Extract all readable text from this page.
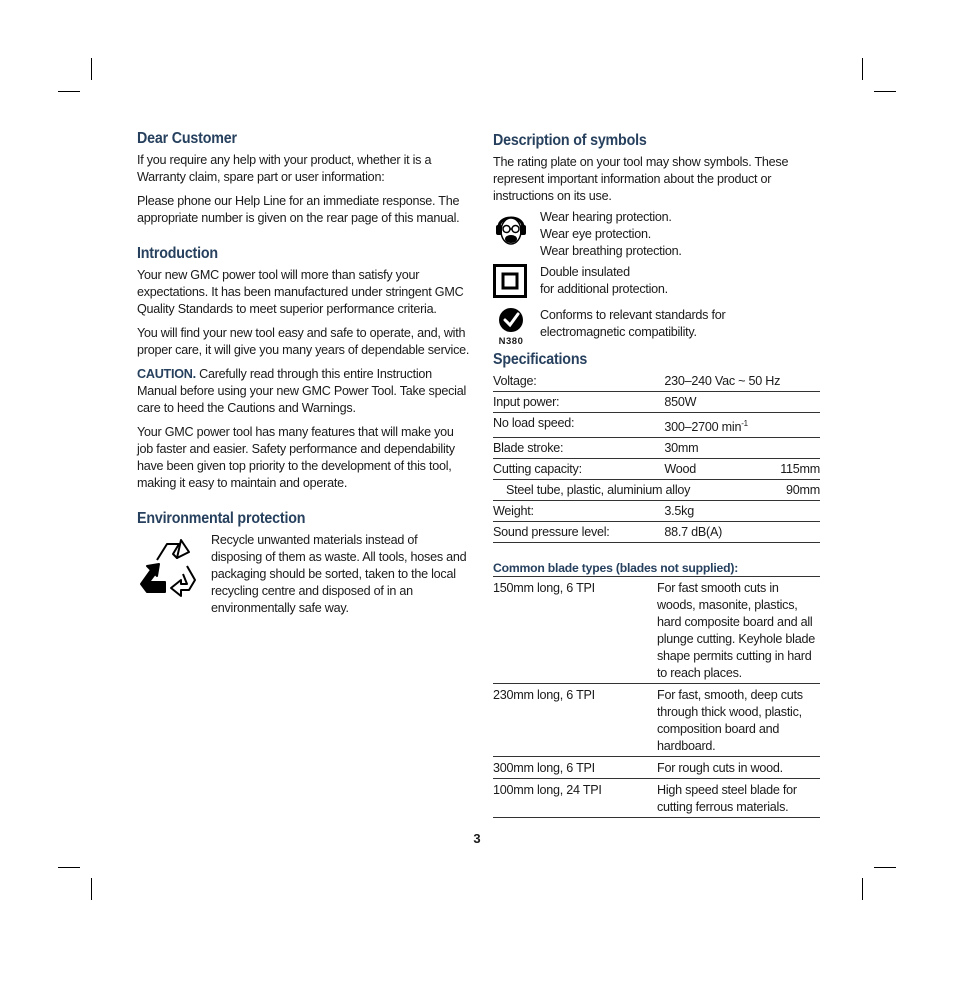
Dear Customer

If you require any help with your product, whether it is a Warranty claim, spare part or user information:

Please phone our Help Line for an immediate response. The appropriate number is given on the rear page of this manual.

Introduction

Your new GMC power tool will more than satisfy your expectations. It has been manufactured under stringent GMC Quality Standards to meet superior performance criteria.

You will find your new tool easy and safe to operate, and, with proper care, it will give you many years of dependable service.

CAUTION. Carefully read through this entire Instruction Manual before using your new GMC Power Tool. Take special care to heed the Cautions and Warnings.

Your GMC power tool has many features that will make you job faster and easier. Safety performance and dependability have been given top priority to the development of this tool, making it easy to maintain and operate.

Environmental protection

Recycle unwanted materials instead of disposing of them as waste. All tools, hoses and packaging should be sorted, taken to the local recycling centre and disposed of in an environmentally safe way.

Description of symbols

The rating plate on your tool may show symbols. These represent important information about the product or instructions on its use.

Wear hearing protection.
Wear eye protection.
Wear breathing protection.
Double insulated
for additional protection.
N380
Conforms to relevant standards for
electromagnetic compatibility.
Specifications
Voltage:	230–240 Vac ~ 50 Hz	
Input power:	850W	
No load speed:	300–2700 $\min^{-1}$	
Blade stroke:	30mm	
Cutting capacity:	Wood	115mm
Steel tube, plastic, aluminium alloy		90mm
Weight:	3.5kg	
Sound pressure level:	88.7 dB(A)	
Common blade types (blades not supplied):
150mm long, 6 TPI	For fast smooth cuts in woods, masonite, plastics, hard composite board and all plunge cutting. Keyhole blade shape permits cutting in hard to reach places.
230mm long, 6 TPI	For fast, smooth, deep cuts through thick wood, plastic, composition board and hardboard.
300mm long, 6 TPI	For rough cuts in wood.
100mm long, 24 TPI	High speed steel blade for cutting ferrous materials.
3
